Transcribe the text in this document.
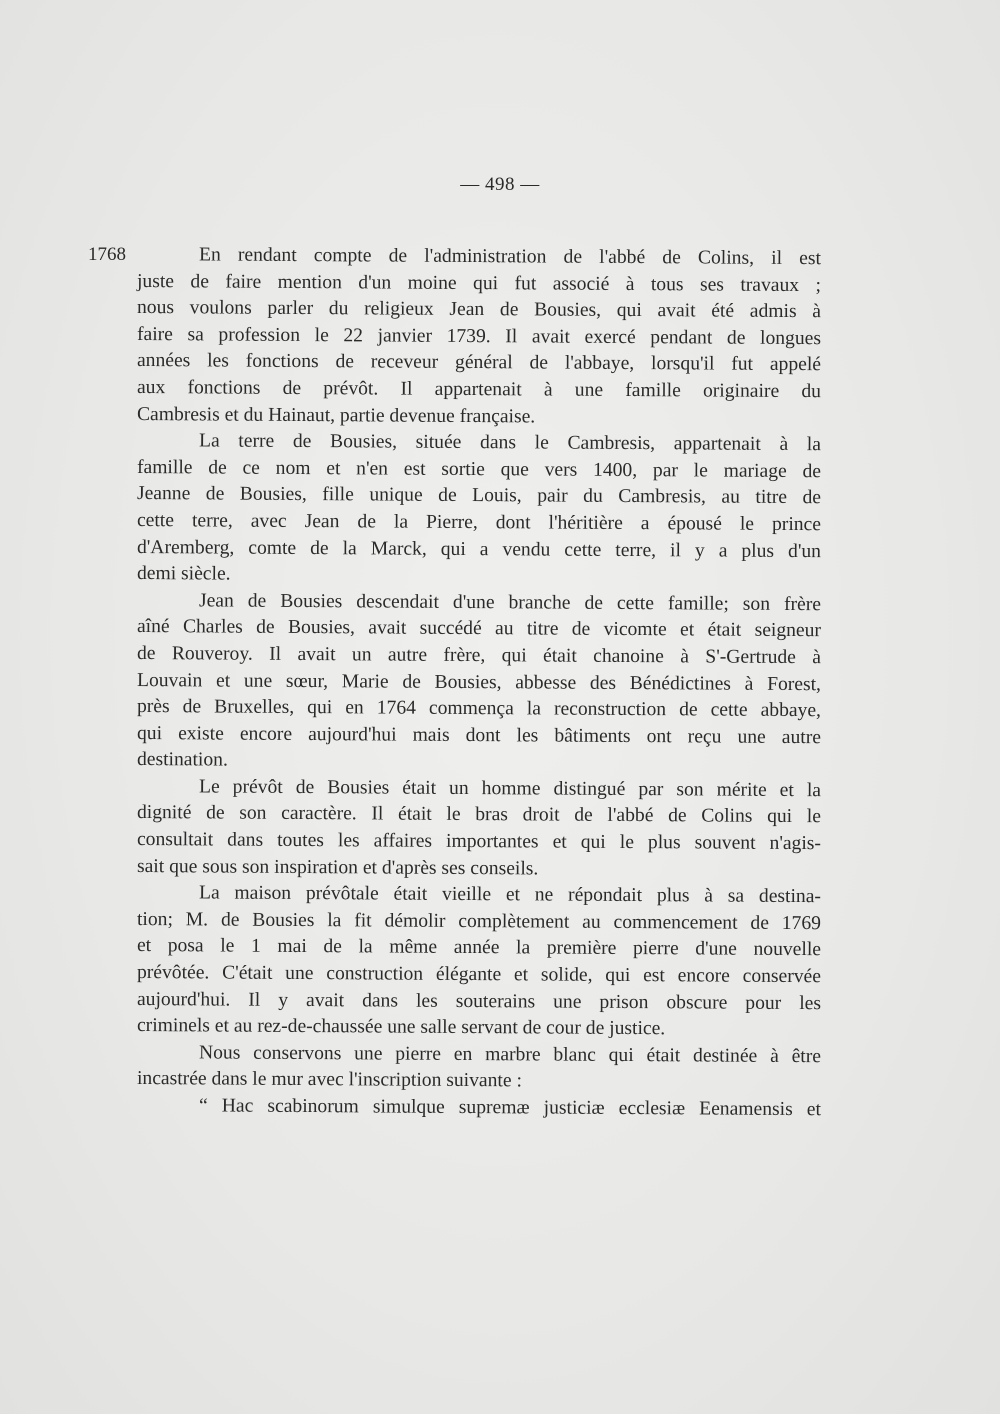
— 498 —
1768	En rendant compte de l'administration de l'abbé de Colins, il est
juste de faire mention d'un moine qui fut associé à tous ses travaux ;
nous voulons parler du religieux Jean de Bousies, qui avait été admis à
faire sa profession le 22 janvier 1739. Il avait exercé pendant de longues
années les fonctions de receveur général de l'abbaye, lorsqu'il fut appelé
aux fonctions de prévôt. Il appartenait à une famille originaire du
Cambresis et du Hainaut, partie devenue française.
La terre de Bousies, située dans le Cambresis, appartenait à la
famille de ce nom et n'en est sortie que vers 1400, par le mariage de
Jeanne de Bousies, fille unique de Louis, pair du Cambresis, au titre de
cette terre, avec Jean de la Pierre, dont l'héritière a épousé le prince
d'Aremberg, comte de la Marck, qui a vendu cette terre, il y a plus d'un
demi siècle.
Jean de Bousies descendait d'une branche de cette famille; son frère
aîné Charles de Bousies, avait succédé au titre de vicomte et était seigneur
de Rouveroy. Il avait un autre frère, qui était chanoine à S'-Gertrude à
Louvain et une sœur, Marie de Bousies, abbesse des Bénédictines à Forest,
près de Bruxelles, qui en 1764 commença la reconstruction de cette abbaye,
qui existe encore aujourd'hui mais dont les bâtiments ont reçu une autre
destination.
Le prévôt de Bousies était un homme distingué par son mérite et la
dignité de son caractère. Il était le bras droit de l'abbé de Colins qui le
consultait dans toutes les affaires importantes et qui le plus souvent n'agis-
sait que sous son inspiration et d'après ses conseils.
La maison prévôtale était vieille et ne répondait plus à sa destina-
tion; M. de Bousies la fit démolir complètement au commencement de 1769
et posa le 1 mai de la même année la première pierre d'une nouvelle
prévôtée. C'était une construction élégante et solide, qui est encore conservée
aujourd'hui. Il y avait dans les souterains une prison obscure pour les
criminels et au rez-de-chaussée une salle servant de cour de justice.
Nous conservons une pierre en marbre blanc qui était destinée à être
incastrée dans le mur avec l'inscription suivante :
“ Hac scabinorum simulque supremæ justiciæ ecclesiæ Eenamensis et
